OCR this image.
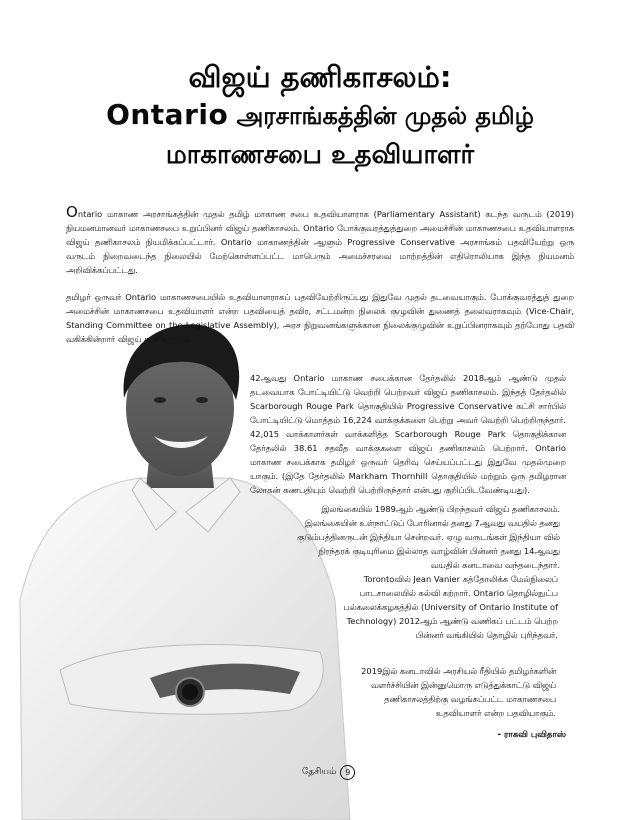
விஜய் தணிகாசலம்:
Ontario அரசாங்கத்தின் முதல் தமிழ்
மாகாணசபை உதவியாளர்

Ontario மாகாண அரசாங்கத்தின் முதல் தமிழ் மாகாண சபை உதவியாளராக (Parliamentary Assistant) கடந்த வருடம் (2019) நியமனமானவர் மாகாணசபை உறுப்பினர் விஜய் தணிகாசலம். Ontario போக்குவரத்துத்துறை அமைச்சின் மாகாணசபை உதவியாளராக விஜய் தணிகாசலம் நியமிக்கப்பட்டார். Ontario மாகாணத்தின் ஆளும் Progressive Conservative அரசாங்கம் பதவியேற்று ஒரு வருடம் நிறைவடைந்த நிலையில் மேற்கொள்ளப்பட்ட மாபெரும் அமைச்சரவை மாற்றத்தின் எதிரொலியாக இந்த நியமனம் அறிவிக்கப்பட்டது.

தமிழர் ஒருவர் Ontario மாகாணசபையில் உதவியாளராகப் பதவியேற்றிருப்பது இதுவே முதல் தடவையாகும். போக்குவரத்துத் துறை அமைச்சின் மாகாணசபை உதவியாளர் என்ற பதவியைத் தவிர, சட்டமன்ற நிலைக் குழுவின் துணைத் தலைவராகவும் (Vice-Chair, Standing Committee on the Legislative Assembly), அரச நிறுவனங்களுக்கான நிலைக்குழுவின் உறுப்பினராகவும் தற்போது பதவி வகிக்கின்றார் விஜய் தணிகாசலம்.

42ஆவது Ontario மாகாண சபைக்கான தேர்தலில் 2018ஆம் ஆண்டு முதல் தடவையாக போட்டியிட்டு வெற்றி பெற்றவர் விஜய் தணிகாசலம். இந்தத் தேர்தலில் Scarborough Rouge Park தொகுதியில் Progressive Conservative கட்சி சார்பில் போட்டியிட்டு மொத்தம் 16,224 வாக்குக்களை பெற்று அவர் வெற்றி பெற்றிருந்தார். 42,015 வாக்காளர்கள் வாக்களித்த Scarborough Rouge Park தொகுதிக்கான தேர்தலில் 38.61 சதவீத வாக்குகளை விஜய் தணிகாசலம் பெற்றார். Ontario மாகாண சபைக்காக தமிழர் ஒருவர் தெரிவு செய்யப்பட்டது இதுவே முதல்முறை யாகும். (இதே தேர்தலில் Markham Thornhill தொகுதியில் மற்றும் ஒரு தமிழரான லோகன் கணபதியும் வெற்றி பெற்றிருந்தார் என்பது குறிப்பிடவேண்டியது).

இலங்கையில் 1989ஆம் ஆண்டு பிறந்தவர் விஜய் தணிகாசலம். இலங்கையின் உள்நாட்டுப் போரினால் தனது 7ஆவது வயதில் தனது குடும்பத்தினருடன் இந்தியா சென்றவர். ஏழு வருடங்கள் இந்தியா வில் நிரந்தரக் குடியுரிமை இல்லாத வாழ்வின் பின்னர் தனது 14ஆவது வயதில் கனடாவை வந்தடைந்தார்.

Torontoவில் Jean Vanier கத்தோலிக்க மேல்நிலைப் பாடசாலையில் கல்வி கற்றார். Ontario தொழில்நுட்ப பல்கலைக்கழகத்தில் (University of Ontario Institute of Technology) 2012ஆம் ஆண்டு வணிகப் பட்டம் பெற்ற பின்னர் வங்கியில் தொழில் புரிந்தவர்.

2019இல் கனடாவில் அரசியல் ரீதியில் தமிழர்களின் வளர்ச்சியின் இன்னுமொரு எடுத்துக்காட்டு விஜய் தணிகாசலத்திற்கு வழங்கப்பட்ட மாகாணசபை உதவியாளர் என்ற பதவியாகும்.

- ராகவி புவிதாஸ்

தேசியம்	9
